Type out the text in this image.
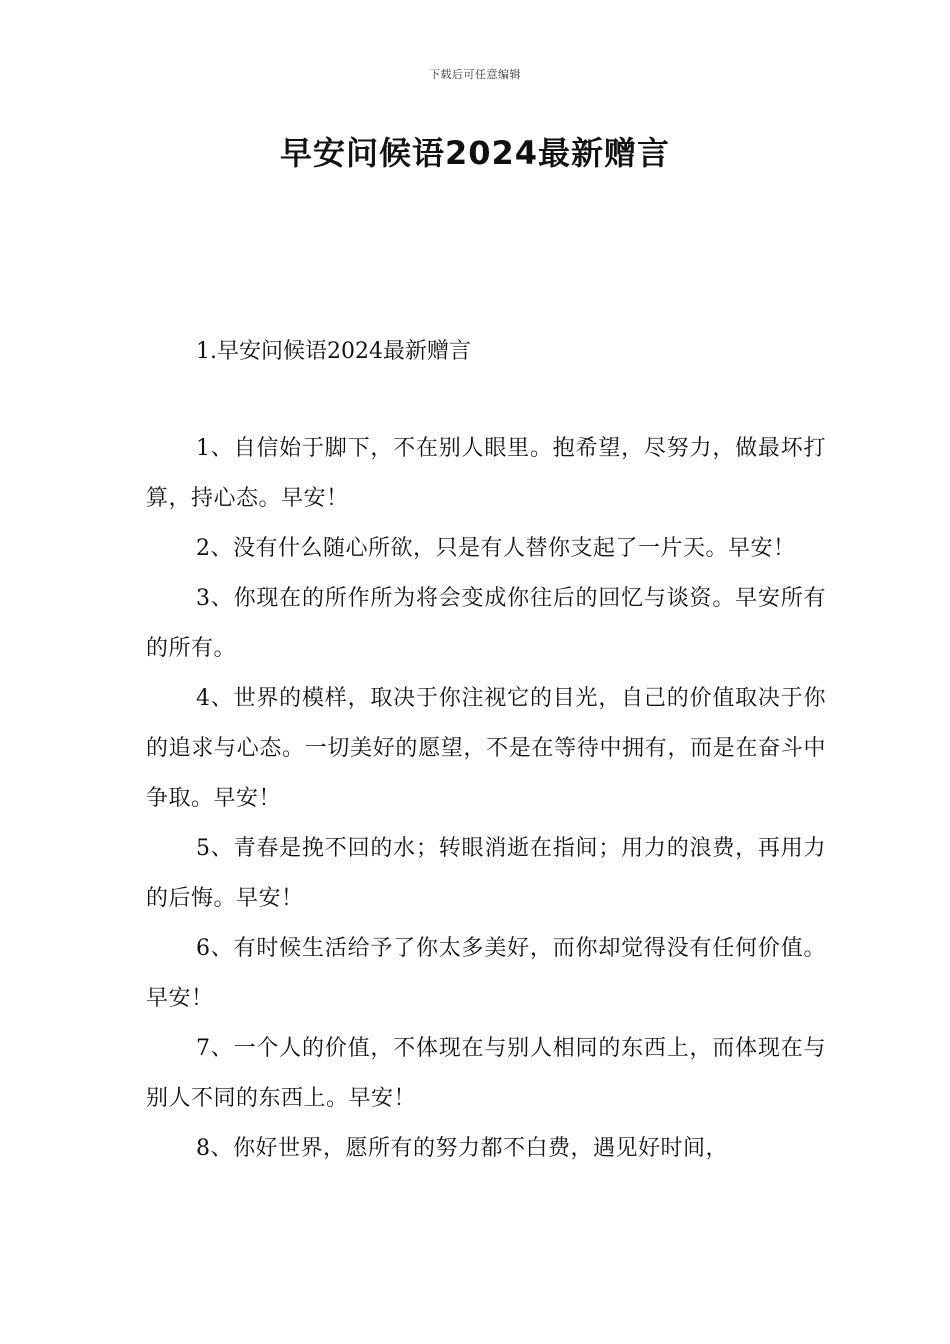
下载后可任意编辑
早安问候语2024最新赠言
1.早安问候语2024最新赠言

1、自信始于脚下，不在别人眼里。抱希望，尽努力，做最坏打算，持心态。早安！

2、没有什么随心所欲，只是有人替你支起了一片天。早安！

3、你现在的所作所为将会变成你往后的回忆与谈资。早安所有的所有。

4、世界的模样，取决于你注视它的目光，自己的价值取决于你的追求与心态。一切美好的愿望，不是在等待中拥有，而是在奋斗中争取。早安！

5、青春是挽不回的水；转眼消逝在指间；用力的浪费，再用力的后悔。早安！

6、有时候生活给予了你太多美好，而你却觉得没有任何价值。早安！

7、一个人的价值，不体现在与别人相同的东西上，而体现在与别人不同的东西上。早安！

8、你好世界，愿所有的努力都不白费，遇见好时间，
